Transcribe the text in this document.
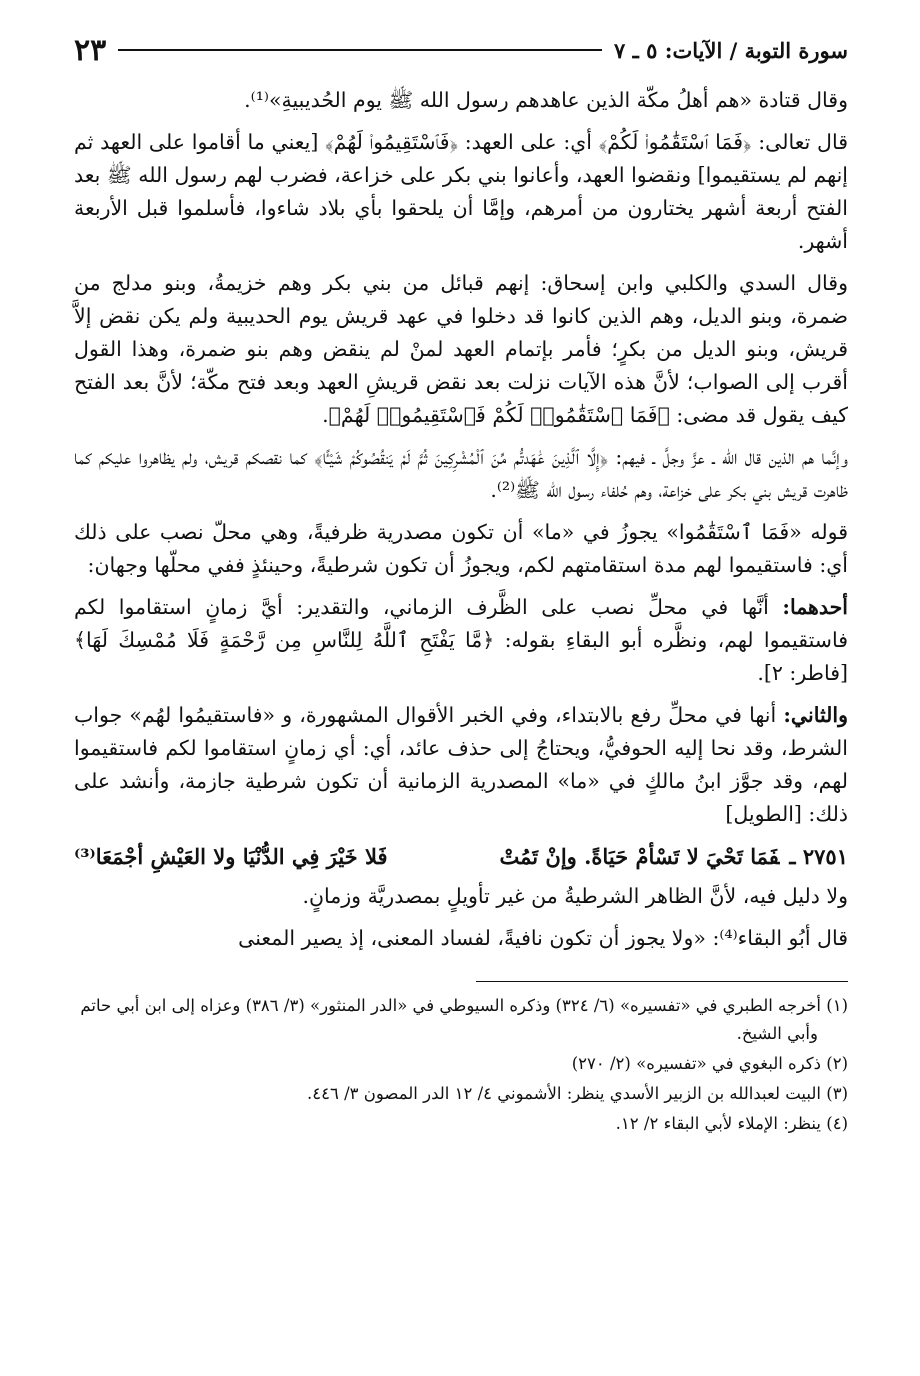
سورة التوبة / الآيات: ٥ ـ ٧
٢٣

وقال قتادة «هم أهلُ مكّة الذين عاهدهم رسول الله ﷺ يوم الحُديبيةِ»⁽¹⁾.

قال تعالى: ﴿فَمَا ٱسْتَقَٰمُوا۟ لَكُمْ﴾ أي: على العهد: ﴿فَٱسْتَقِيمُوا۟ لَهُمْ﴾ [يعني ما أقاموا على العهد ثم إنهم لم يستقيموا] ونقضوا العهد، وأعانوا بني بكر على خزاعة، فضرب لهم رسول الله ﷺ بعد الفتح أربعة أشهر يختارون من أمرهم، وإمَّا أن يلحقوا بأي بلاد شاءوا، فأسلموا قبل الأربعة أشهر.

وقال السدي والكلبي وابن إسحاق: إنهم قبائل من بني بكر وهم خزيمةُ، وبنو مدلج من ضمرة، وبنو الديل، وهم الذين كانوا قد دخلوا في عهد قريش يوم الحديبية ولم يكن نقض إلاَّ قريش، وبنو الديل من بكرٍ؛ فأمر بإتمام العهد لمنْ لم ينقض وهم بنو ضمرة، وهذا القول أقرب إلى الصواب؛ لأنَّ هذه الآيات نزلت بعد نقض قريشِ العهد وبعد فتح مكّة؛ لأنَّ بعد الفتح كيف يقول قد مضى: ﴿فَمَا ٱسْتَقَٰمُوا۟ لَكُمْ فَٱسْتَقِيمُوا۟ لَهُمْ﴾.

وإنَّما هم الذين قال الله ـ عزَّ وجلَّ ـ فيهم: ﴿إِلَّا ٱلَّذِينَ عَٰهَدتُّم مِّنَ ٱلْمُشْرِكِينَ ثُمَّ لَمْ يَنقُصُوكُمْ شَيْـًٔا﴾ كما نقصكم قريش، ولم يظاهروا عليكم كما ظاهرت قريش بني بكر على خزاعة، وهم حُلفاء رسول الله ﷺ⁽²⁾.

قوله «فَمَا ٱسْتَقَٰمُوا» يجوزُ في «ما» أن تكون مصدرية ظرفيةً، وهي محلّ نصب على ذلك أي: فاستقيموا لهم مدة استقامتهم لكم، ويجوزُ أن تكون شرطيةً، وحينئذٍ ففي محلّها وجهان:

أحدهما: أنَّها في محلِّ نصب على الظَّرف الزماني، والتقدير: أيَّ زمانٍ استقاموا لكم فاستقيموا لهم، ونظَّره أبو البقاءِ بقوله: ﴿مَّا يَفْتَحِ ٱللَّهُ لِلنَّاسِ مِن رَّحْمَةٍ فَلَا مُمْسِكَ لَهَا﴾ [فاطر: ٢].

والثاني: أنها في محلِّ رفع بالابتداء، وفي الخبر الأقوال المشهورة، و «فاستقيمُوا لهُم» جواب الشرط، وقد نحا إليه الحوفيُّ، ويحتاجُ إلى حذف عائد، أي: أي زمانٍ استقاموا لكم فاستقيموا لهم، وقد جوَّز ابنُ مالكٍ في «ما» المصدرية الزمانية أن تكون شرطية جازمة، وأنشد على ذلك: [الطويل]

٢٧٥١ ـفَمَا تَحْيَ لا تَسْأمْ حَيَاةً. وإنْ تَمُتْ
فَلا خَيْرَ فِي الدُّنْيَا ولا العَيْشِ أجْمَعَا⁽³⁾

ولا دليل فيه، لأنَّ الظاهر الشرطيةُ من غير تأويلٍ بمصدريَّة وزمانٍ.

قال أبُو البقاء⁽⁴⁾: «ولا يجوز أن تكون نافيةً، لفساد المعنى، إذ يصير المعنى

(١) أخرجه الطبري في «تفسيره» (٦/ ٣٢٤) وذكره السيوطي في «الدر المنثور» (٣/ ٣٨٦) وعزاه إلى ابن أبي حاتم وأبي الشيخ.

(٢) ذكره البغوي في «تفسيره» (٢/ ٢٧٠)

(٣) البيت لعبدالله بن الزبير الأسدي ينظر: الأشموني ٤/ ١٢ الدر المصون ٣/ ٤٤٦.

(٤) ينظر: الإملاء لأبي البقاء ٢/ ١٢.
